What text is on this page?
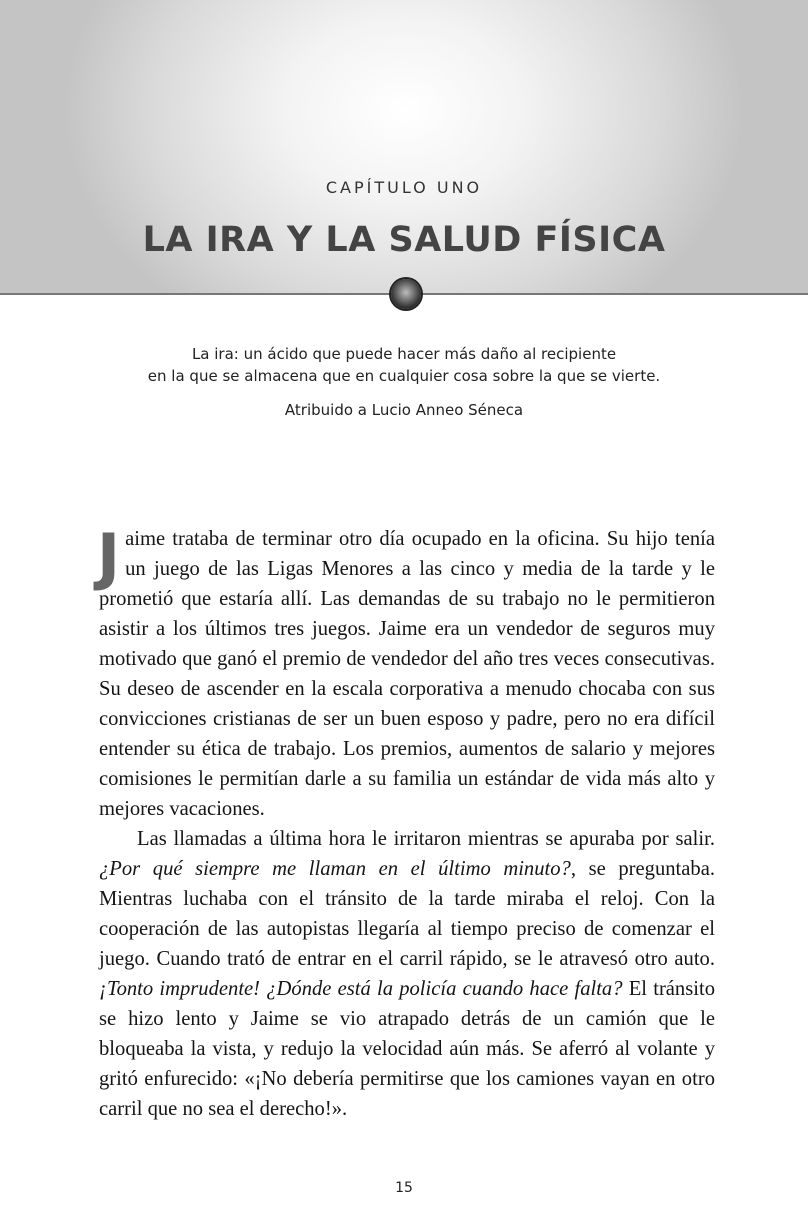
CAPÍTULO UNO
LA IRA Y LA SALUD FÍSICA
La ira: un ácido que puede hacer más daño al recipiente
en la que se almacena que en cualquier cosa sobre la que se vierte.
Atribuido a Lucio Anneo Séneca

Jaime trataba de terminar otro día ocupado en la oficina. Su hijo tenía un juego de las Ligas Menores a las cinco y media de la tarde y le prometió que estaría allí. Las demandas de su trabajo no le permitieron asistir a los últimos tres juegos. Jaime era un vendedor de seguros muy motivado que ganó el premio de vendedor del año tres veces consecutivas. Su deseo de ascender en la escala corporativa a menudo chocaba con sus convicciones cristianas de ser un buen esposo y padre, pero no era difícil entender su ética de trabajo. Los premios, aumentos de salario y mejores comisiones le permitían darle a su familia un estándar de vida más alto y mejores vacaciones.

Las llamadas a última hora le irritaron mientras se apuraba por salir. ¿Por qué siempre me llaman en el último minuto?, se preguntaba. Mientras luchaba con el tránsito de la tarde miraba el reloj. Con la cooperación de las autopistas llegaría al tiempo preciso de comenzar el juego. Cuando trató de entrar en el carril rápido, se le atravesó otro auto. ¡Tonto imprudente! ¿Dónde está la policía cuando hace falta? El tránsito se hizo lento y Jaime se vio atrapado detrás de un camión que le bloqueaba la vista, y redujo la velocidad aún más. Se aferró al volante y gritó enfurecido: «¡No debería permitirse que los camiones vayan en otro carril que no sea el derecho!».

15
